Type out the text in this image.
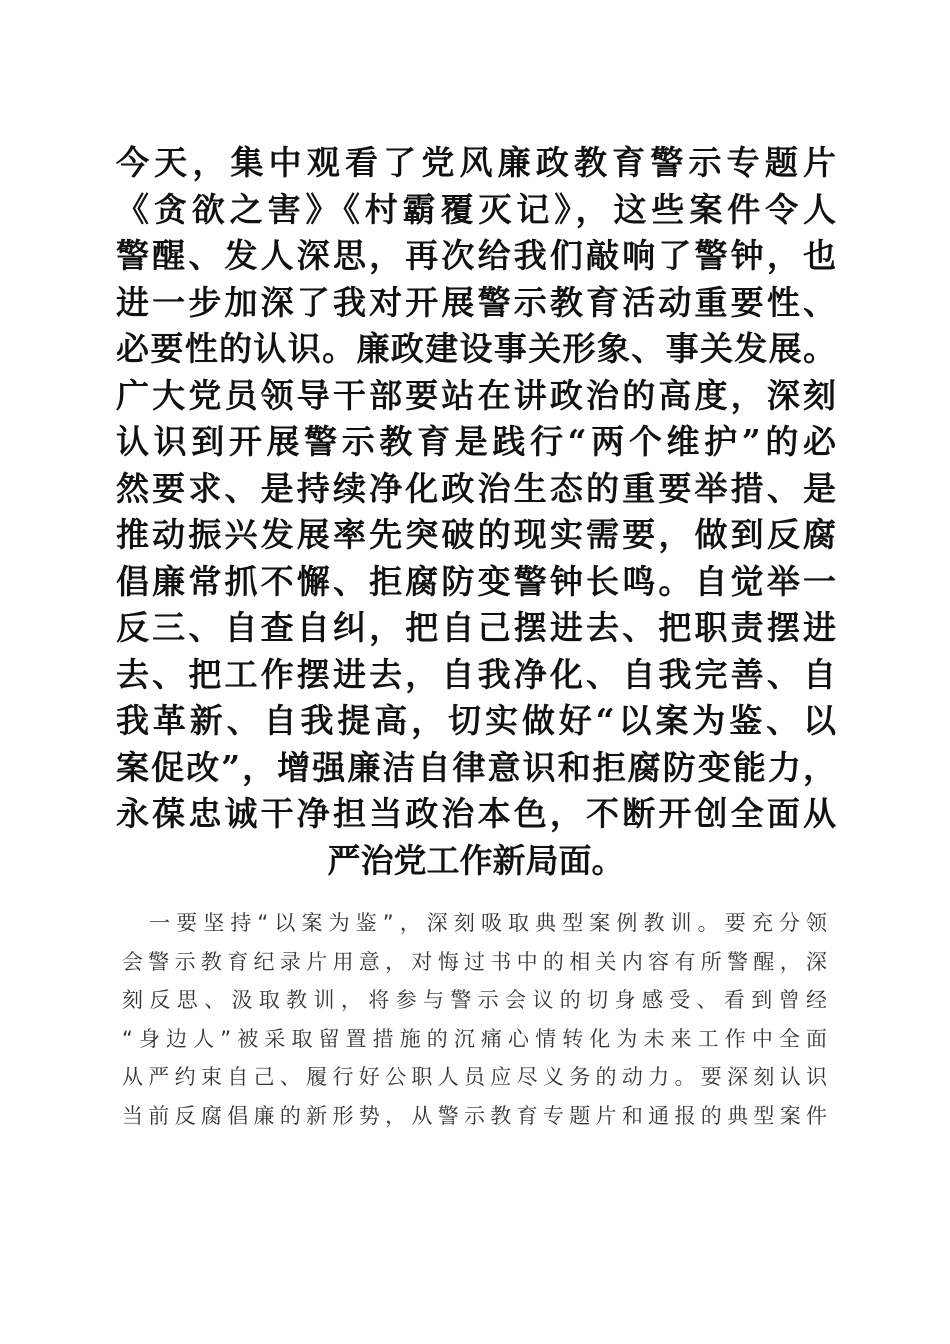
今天，集中观看了党风廉政教育警示专题片
《贪欲之害》《村霸覆灭记》，这些案件令人
警醒、发人深思，再次给我们敲响了警钟，也
进一步加深了我对开展警示教育活动重要性、
必要性的认识。廉政建设事关形象、事关发展。
广大党员领导干部要站在讲政治的高度，深刻
认识到开展警示教育是践行“两个维护”的必
然要求、是持续净化政治生态的重要举措、是
推动振兴发展率先突破的现实需要，做到反腐
倡廉常抓不懈、拒腐防变警钟长鸣。自觉举一
反三、自查自纠，把自己摆进去、把职责摆进
去、把工作摆进去，自我净化、自我完善、自
我革新、自我提高，切实做好“以案为鉴、以
案促改”，增强廉洁自律意识和拒腐防变能力，
永葆忠诚干净担当政治本色，不断开创全面从
严治党工作新局面。
　一要坚持“以案为鉴”，深刻吸取典型案例教训。要充分领
会警示教育纪录片用意，对悔过书中的相关内容有所警醒，深
刻反思、汲取教训，将参与警示会议的切身感受、看到曾经
“身边人”被采取留置措施的沉痛心情转化为未来工作中全面
从严约束自己、履行好公职人员应尽义务的动力。要深刻认识
当前反腐倡廉的新形势，从警示教育专题片和通报的典型案件
